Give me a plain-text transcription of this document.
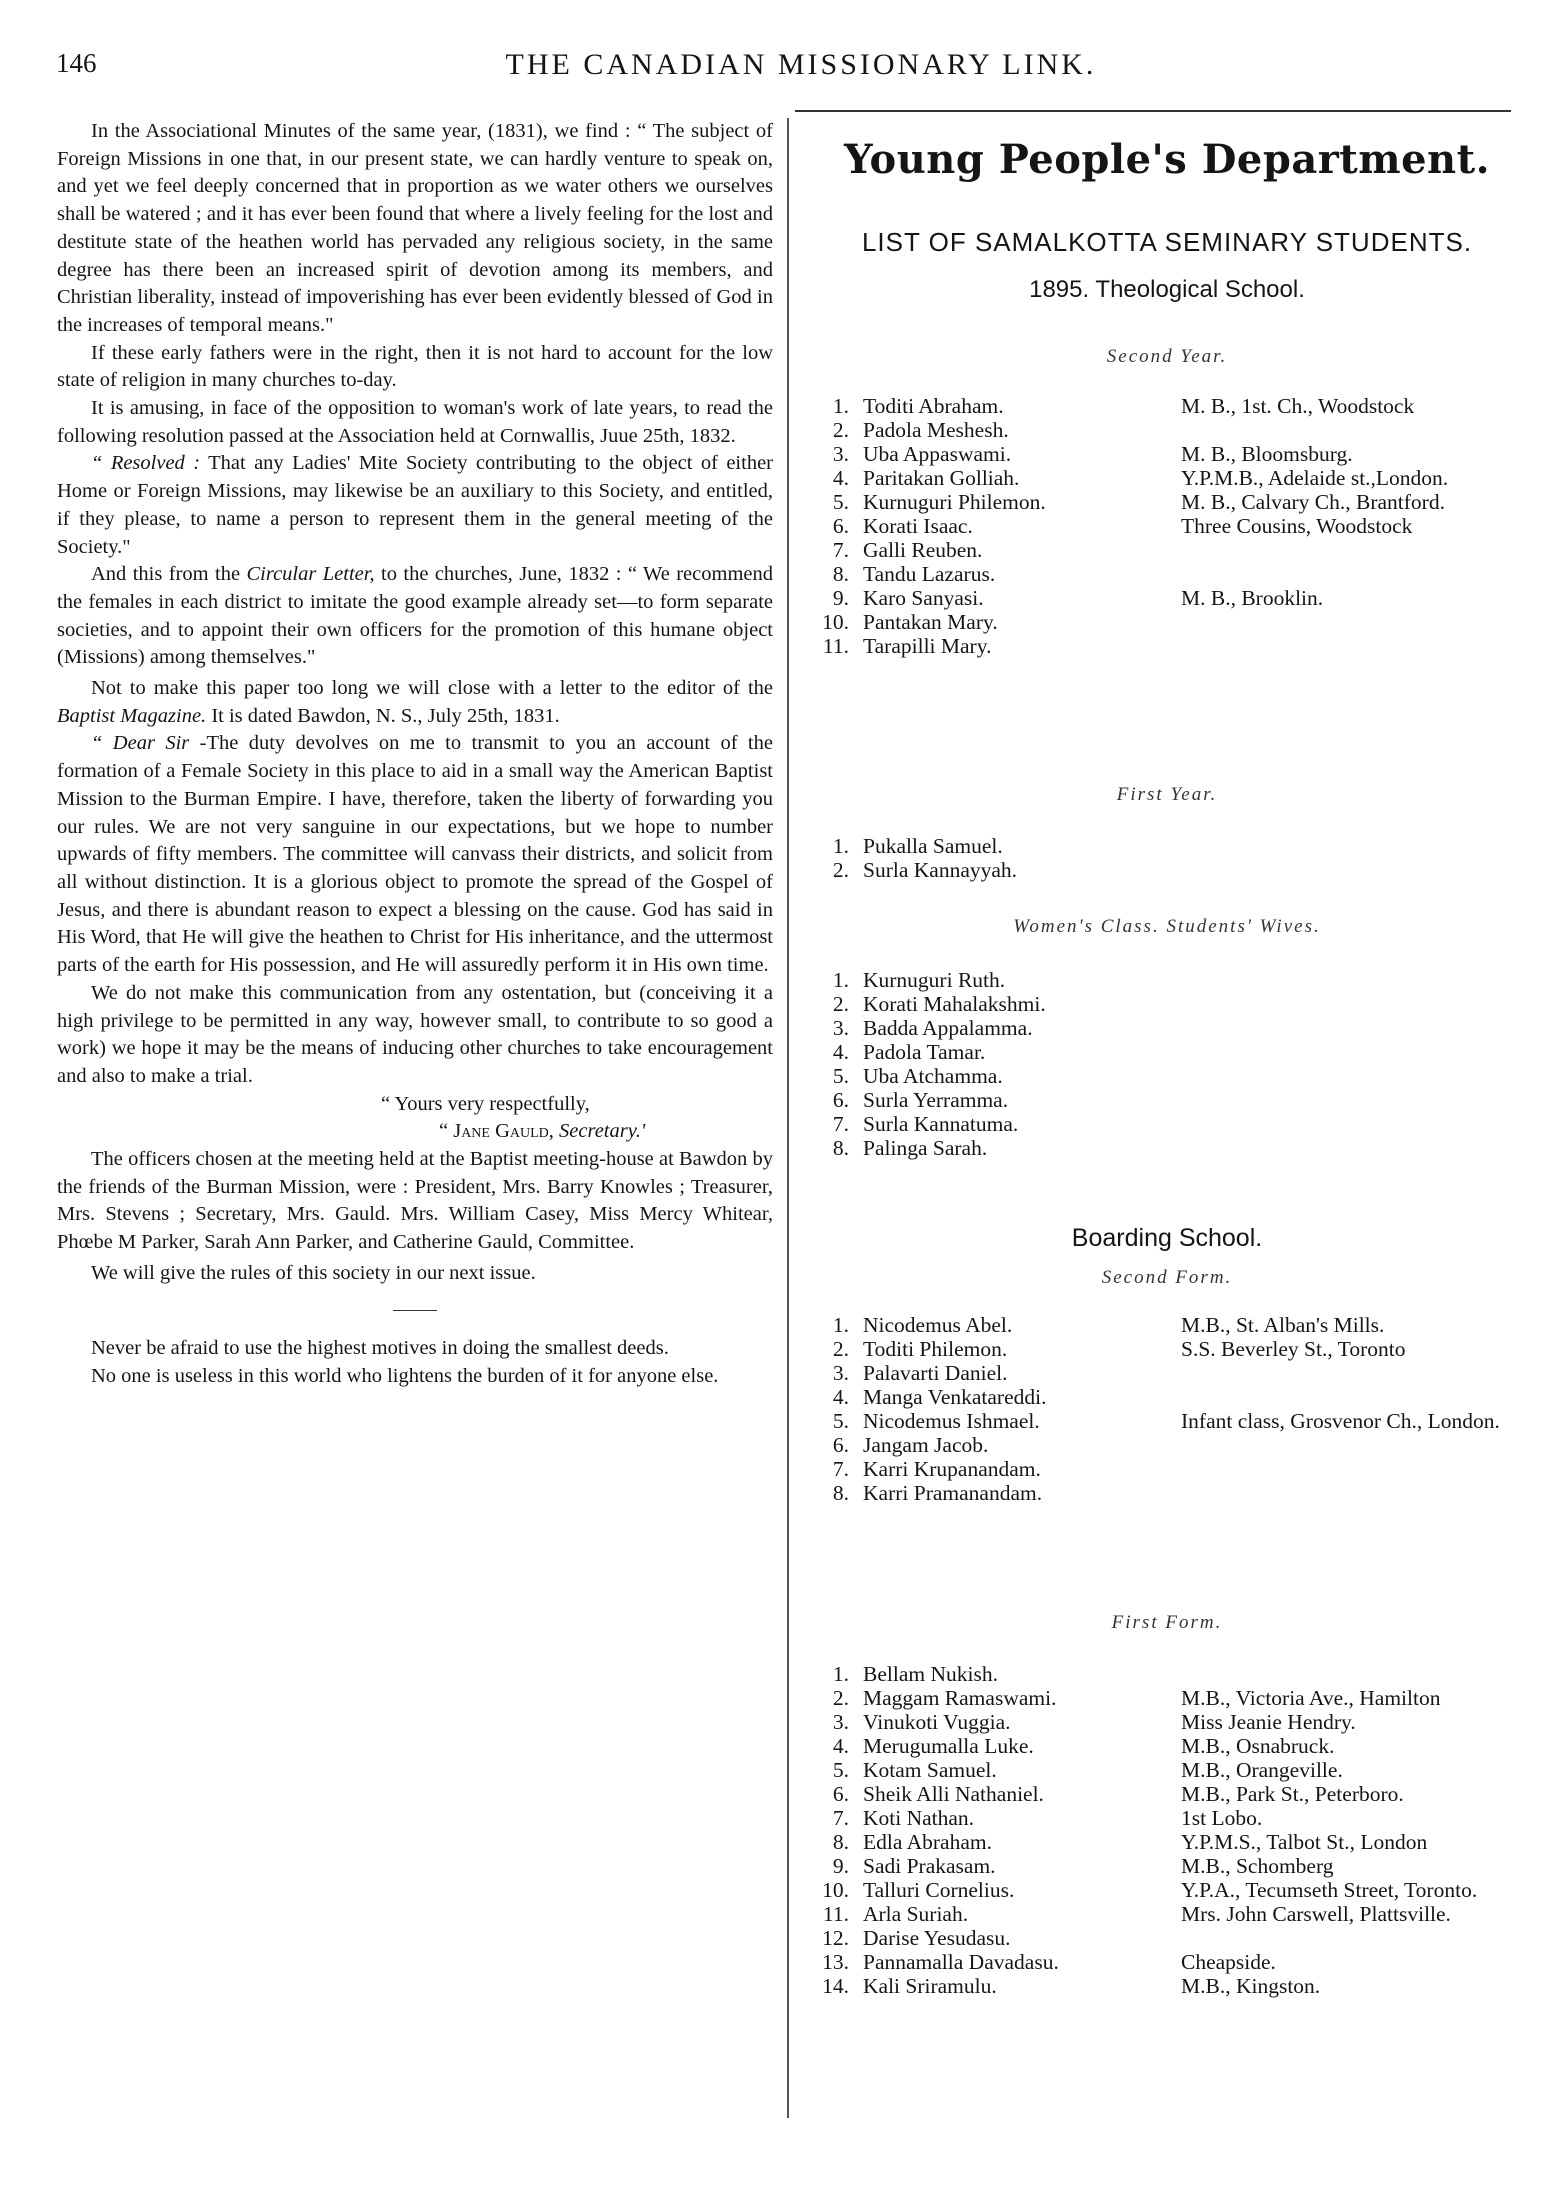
146	THE CANADIAN MISSIONARY LINK.

In the Associational Minutes of the same year, (1831), we find : “ The subject of Foreign Missions in one that, in our present state, we can hardly venture to speak on, and yet we feel deeply concerned that in proportion as we water others we ourselves shall be watered ; and it has ever been found that where a lively feeling for the lost and destitute state of the heathen world has pervaded any religious society, in the same degree has there been an increased spirit of devotion among its members, and Christian liberality, instead of impoverishing has ever been evidently blessed of God in the increases of temporal means."

If these early fathers were in the right, then it is not hard to account for the low state of religion in many churches to-day.

It is amusing, in face of the opposition to woman's work of late years, to read the following resolution passed at the Association held at Cornwallis, Juue 25th, 1832.

“ Resolved : That any Ladies' Mite Society contributing to the object of either Home or Foreign Missions, may likewise be an auxiliary to this Society, and entitled, if they please, to name a person to represent them in the general meeting of the Society."

And this from the Circular Letter, to the churches, June, 1832 : “ We recommend the females in each district to imitate the good example already set—to form separate societies, and to appoint their own officers for the promotion of this humane object (Missions) among themselves."

Not to make this paper too long we will close with a letter to the editor of the Baptist Magazine. It is dated Bawdon, N. S., July 25th, 1831.

“ Dear Sir -The duty devolves on me to transmit to you an account of the formation of a Female Society in this place to aid in a small way the American Baptist Mission to the Burman Empire. I have, therefore, taken the liberty of forwarding you our rules. We are not very sanguine in our expectations, but we hope to number upwards of fifty members. The committee will canvass their districts, and solicit from all without distinction. It is a glorious object to promote the spread of the Gospel of Jesus, and there is abundant reason to expect a blessing on the cause. God has said in His Word, that He will give the heathen to Christ for His inheritance, and the uttermost parts of the earth for His possession, and He will assuredly perform it in His own time.

We do not make this communication from any ostentation, but (conceiving it a high privilege to be permitted in any way, however small, to contribute to so good a work) we hope it may be the means of inducing other churches to take encouragement and also to make a trial.

“ Yours very respectfully,

“ Jane Gauld, Secretary.'

The officers chosen at the meeting held at the Baptist meeting-house at Bawdon by the friends of the Burman Mission, were : President, Mrs. Barry Knowles ; Treasurer, Mrs. Stevens ; Secretary, Mrs. Gauld. Mrs. William Casey, Miss Mercy Whitear, Phœbe M Parker, Sarah Ann Parker, and Catherine Gauld, Committee.

We will give the rules of this society in our next issue.

Never be afraid to use the highest motives in doing the smallest deeds.

No one is useless in this world who lightens the burden of it for anyone else.

Young People's Department.
LIST OF SAMALKOTTA SEMINARY STUDENTS.
1895. Theological School.
Second Year.
1.	Toditi Abraham.	M. B., 1st. Ch., Woodstock
2.	Padola Meshesh.	
3.	Uba Appaswami.	M. B., Bloomsburg.
4.	Paritakan Golliah.	Y.P.M.B., Adelaide st.,London.
5.	Kurnuguri Philemon.	M. B., Calvary Ch., Brantford.
6.	Korati Isaac.	Three Cousins, Woodstock
7.	Galli Reuben.	
8.	Tandu Lazarus.	
9.	Karo Sanyasi.	M. B., Brooklin.
10.	Pantakan Mary.	
11.	Tarapilli Mary.	
First Year.
1.	Pukalla Samuel.	
2.	Surla Kannayyah.	
Women's Class. Students' Wives.
1.	Kurnuguri Ruth.	
2.	Korati Mahalakshmi.	
3.	Badda Appalamma.	
4.	Padola Tamar.	
5.	Uba Atchamma.	
6.	Surla Yerramma.	
7.	Surla Kannatuma.	
8.	Palinga Sarah.	
Boarding School.
Second Form.
1.	Nicodemus Abel.	M.B., St. Alban's Mills.
2.	Toditi Philemon.	S.S. Beverley St., Toronto
3.	Palavarti Daniel.	
4.	Manga Venkatareddi.	
5.	Nicodemus Ishmael.	Infant class, Grosvenor Ch., London.
6.	Jangam Jacob.	
7.	Karri Krupanandam.	
8.	Karri Pramanandam.	
First Form.
1.	Bellam Nukish.	
2.	Maggam Ramaswami.	M.B., Victoria Ave., Hamilton
3.	Vinukoti Vuggia.	Miss Jeanie Hendry.
4.	Merugumalla Luke.	M.B., Osnabruck.
5.	Kotam Samuel.	M.B., Orangeville.
6.	Sheik Alli Nathaniel.	M.B., Park St., Peterboro.
7.	Koti Nathan.	1st Lobo.
8.	Edla Abraham.	Y.P.M.S., Talbot St., London
9.	Sadi Prakasam.	M.B., Schomberg
10.	Talluri Cornelius.	Y.P.A., Tecumseth Street, Toronto.
11.	Arla Suriah.	Mrs. John Carswell, Plattsville.
12.	Darise Yesudasu.	
13.	Pannamalla Davadasu.	Cheapside.
14.	Kali Sriramulu.	M.B., Kingston.
